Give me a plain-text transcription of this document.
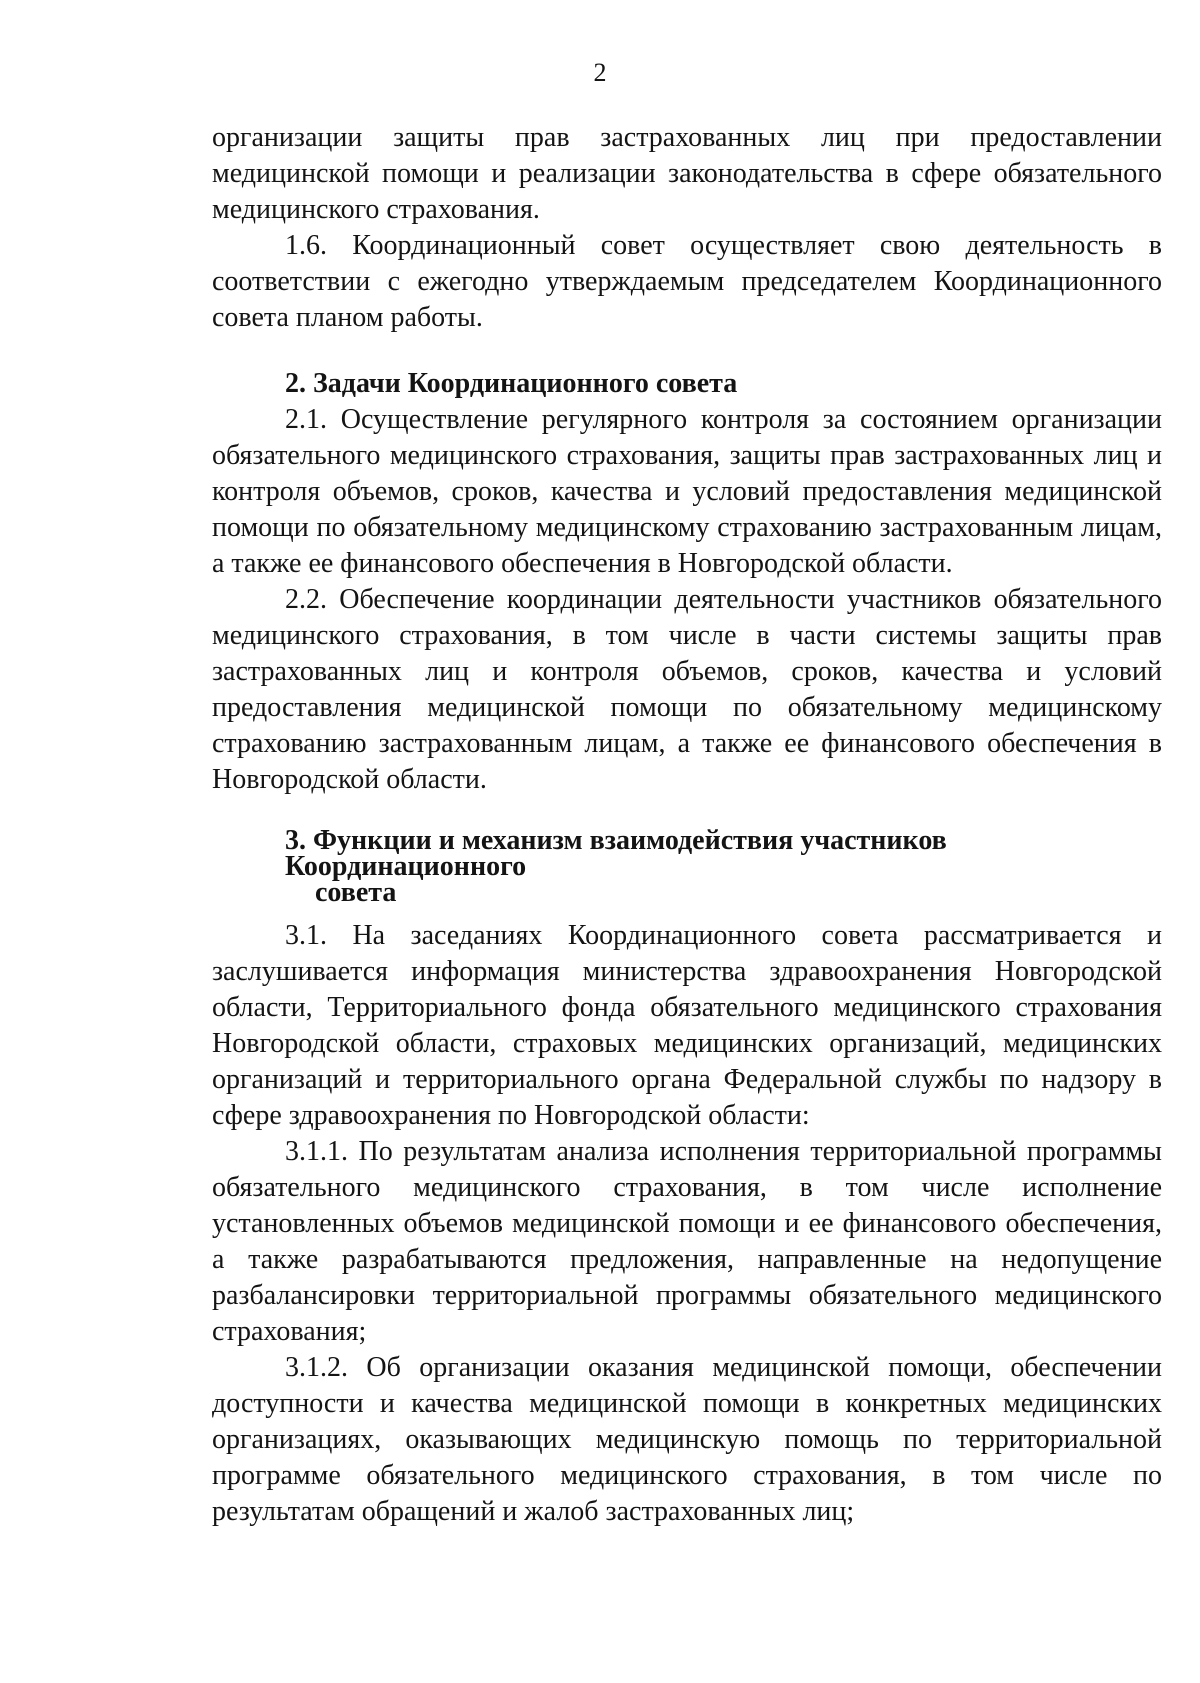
2

организации защиты прав застрахованных лиц при предоставлении медицинской помощи и реализации законодательства в сфере обязательного медицинского страхования.

1.6. Координационный совет осуществляет свою деятельность в соответствии с ежегодно утверждаемым председателем Координационного совета планом работы.

2. Задачи Координационного совета

2.1. Осуществление регулярного контроля за состоянием организации обязательного медицинского страхования, защиты прав застрахованных лиц и контроля объемов, сроков, качества и условий предоставления медицинской помощи по обязательному медицинскому страхованию застрахованным лицам, а также ее финансового обеспечения в Новгородской области.

2.2. Обеспечение координации деятельности участников обязательного медицинского страхования, в том числе в части системы защиты прав застрахованных лиц и контроля объемов, сроков, качества и условий предоставления медицинской помощи по обязательному медицинскому страхованию застрахованным лицам, а также ее финансового обеспечения в Новгородской области.

3. Функции и механизм взаимодействия участников Координационного
совета

3.1. На заседаниях Координационного совета рассматривается и заслушивается информация министерства здравоохранения Новгородской области, Территориального фонда обязательного медицинского страхования Новгородской области, страховых медицинских организаций, медицинских организаций и территориального органа Федеральной службы по надзору в сфере здравоохранения по Новгородской области:

3.1.1. По результатам анализа исполнения территориальной программы обязательного медицинского страхования, в том числе исполнение установленных объемов медицинской помощи и ее финансового обеспечения, а также разрабатываются предложения, направленные на недопущение разбалансировки территориальной программы обязательного медицинского страхования;

3.1.2. Об организации оказания медицинской помощи, обеспечении доступности и качества медицинской помощи в конкретных медицинских организациях, оказывающих медицинскую помощь по территориальной программе обязательного медицинского страхования, в том числе по результатам обращений и жалоб застрахованных лиц;
